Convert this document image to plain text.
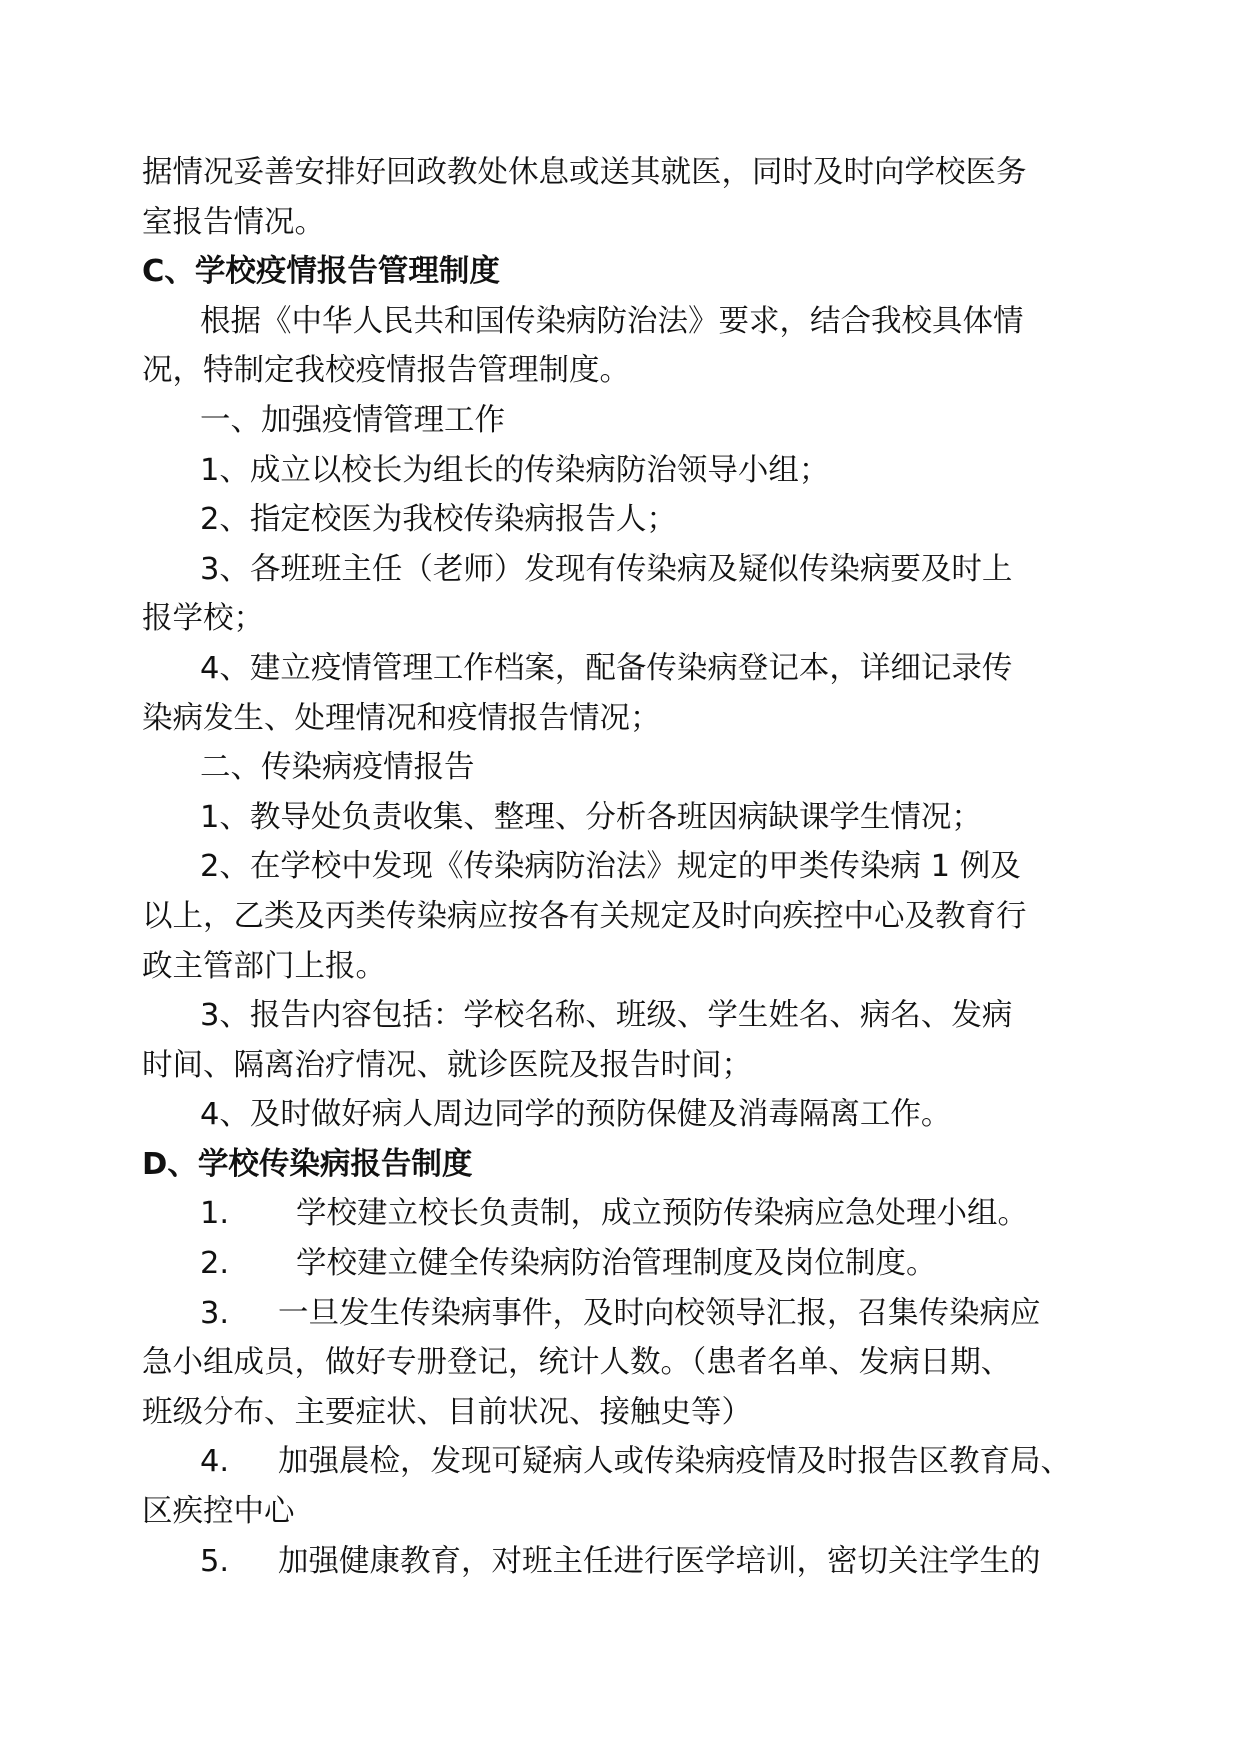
据情况妥善安排好回政教处休息或送其就医，同时及时向学校医务

室报告情况。

C、学校疫情报告管理制度

根据《中华人民共和国传染病防治法》要求，结合我校具体情

况，特制定我校疫情报告管理制度。

一、加强疫情管理工作

1、成立以校长为组长的传染病防治领导小组；

2、指定校医为我校传染病报告人；

3、各班班主任（老师）发现有传染病及疑似传染病要及时上

报学校；

4、建立疫情管理工作档案，配备传染病登记本，详细记录传

染病发生、处理情况和疫情报告情况；

二、传染病疫情报告

1、教导处负责收集、整理、分析各班因病缺课学生情况；

2、在学校中发现《传染病防治法》规定的甲类传染病 1 例及

以上，乙类及丙类传染病应按各有关规定及时向疾控中心及教育行

政主管部门上报。

3、报告内容包括：学校名称、班级、学生姓名、病名、发病

时间、隔离治疗情况、就诊医院及报告时间；

4、及时做好病人周边同学的预防保健及消毒隔离工作。

D、学校传染病报告制度

1. 学校建立校长负责制，成立预防传染病应急处理小组。

2. 学校建立健全传染病防治管理制度及岗位制度。

3. 一旦发生传染病事件，及时向校领导汇报，召集传染病应

急小组成员，做好专册登记，统计人数。（患者名单、发病日期、

班级分布、主要症状、目前状况、接触史等）

4. 加强晨检，发现可疑病人或传染病疫情及时报告区教育局、

区疾控中心

5. 加强健康教育，对班主任进行医学培训，密切关注学生的
